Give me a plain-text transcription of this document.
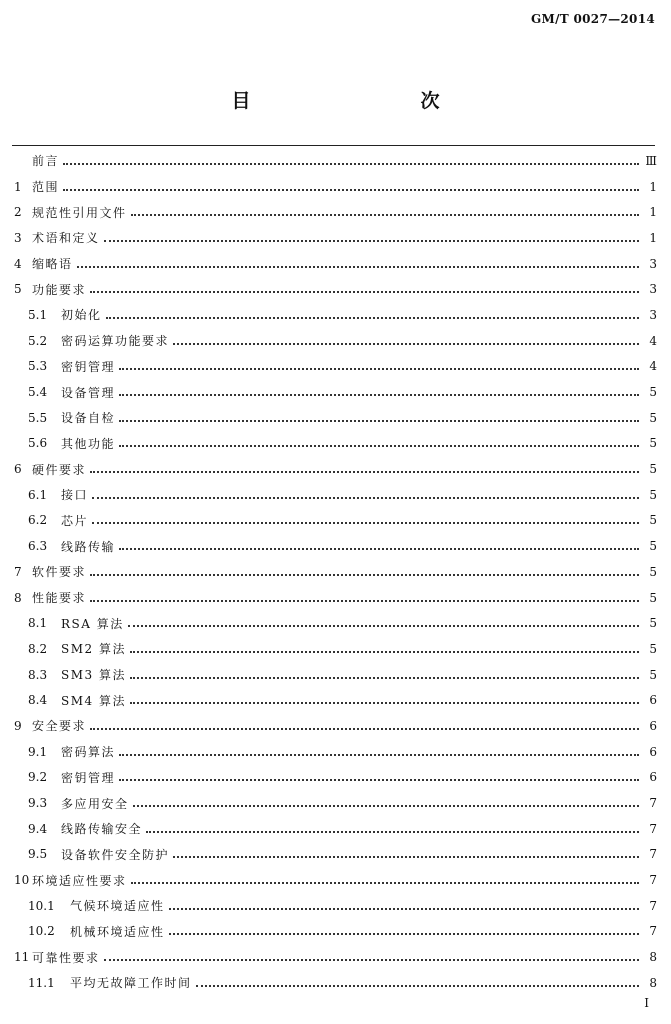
GM/T 0027—2014
目　　次
前言	Ⅲ
1 范围	1
2 规范性引用文件	1
3 术语和定义	1
4 缩略语	3
5 功能要求	3
5.1	初始化	3
5.2	密码运算功能要求	4
5.3	密钥管理	4
5.4	设备管理	5
5.5	设备自检	5
5.6	其他功能	5
6 硬件要求	5
6.1	接口	5
6.2	芯片	5
6.3	线路传输	5
7 软件要求	5
8 性能要求	5
8.1	RSA 算法	5
8.2	SM2 算法	5
8.3	SM3 算法	5
8.4	SM4 算法	6
9 安全要求	6
9.1	密码算法	6
9.2	密钥管理	6
9.3	多应用安全	7
9.4	线路传输安全	7
9.5	设备软件安全防护	7
10 环境适应性要求	7
10.1	气候环境适应性	7
10.2	机械环境适应性	7
11 可靠性要求	8
11.1	平均无故障工作时间	8
I
